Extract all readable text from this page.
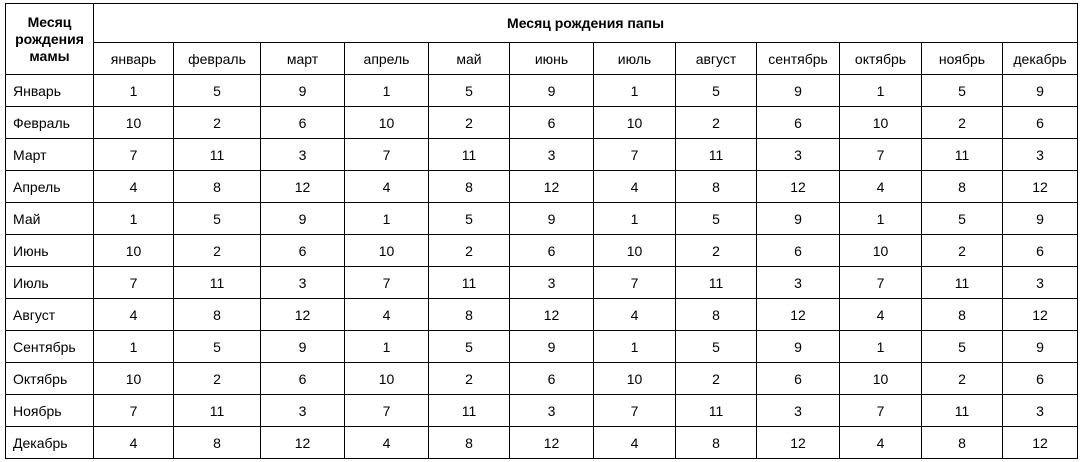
Месяц рождения мамы	Месяц рождения папы											
	январь	февраль	март	апрель	май	июнь	июль	август	сентябрь	октябрь	ноябрь	декабрь
Январь	1	5	9	1	5	9	1	5	9	1	5	9
Февраль	10	2	6	10	2	6	10	2	6	10	2	6
Март	7	11	3	7	11	3	7	11	3	7	11	3
Апрель	4	8	12	4	8	12	4	8	12	4	8	12
Май	1	5	9	1	5	9	1	5	9	1	5	9
Июнь	10	2	6	10	2	6	10	2	6	10	2	6
Июль	7	11	3	7	11	3	7	11	3	7	11	3
Август	4	8	12	4	8	12	4	8	12	4	8	12
Сентябрь	1	5	9	1	5	9	1	5	9	1	5	9
Октябрь	10	2	6	10	2	6	10	2	6	10	2	6
Ноябрь	7	11	3	7	11	3	7	11	3	7	11	3
Декабрь	4	8	12	4	8	12	4	8	12	4	8	12
